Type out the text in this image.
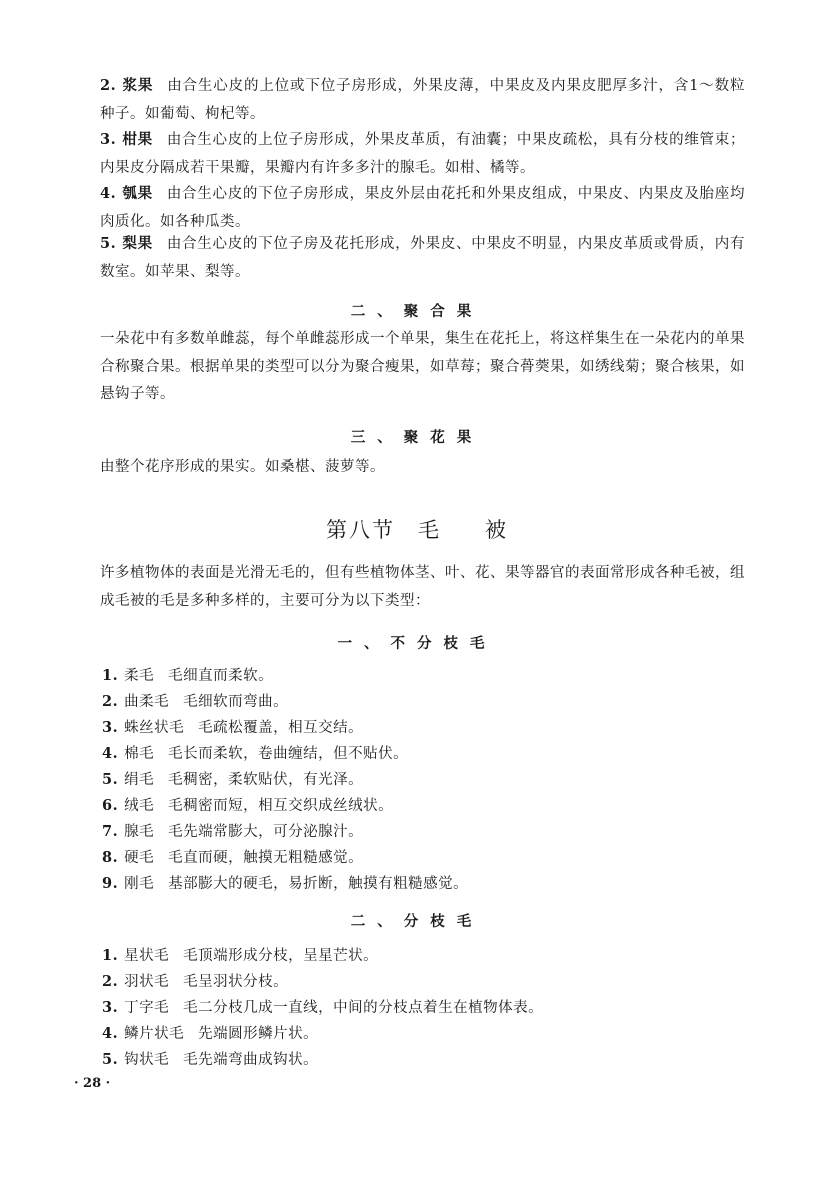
2. 浆果 由合生心皮的上位或下位子房形成，外果皮薄，中果皮及内果皮肥厚多汁，含1～数粒种子。如葡萄、枸杞等。
3. 柑果 由合生心皮的上位子房形成，外果皮革质，有油囊；中果皮疏松，具有分枝的维管束；内果皮分隔成若干果瓣，果瓣内有许多多汁的腺毛。如柑、橘等。
4. 瓠果 由合生心皮的下位子房形成，果皮外层由花托和外果皮组成，中果皮、内果皮及胎座均肉质化。如各种瓜类。
5. 梨果 由合生心皮的下位子房及花托形成，外果皮、中果皮不明显，内果皮革质或骨质，内有数室。如苹果、梨等。
二、聚合果
一朵花中有多数单雌蕊，每个单雌蕊形成一个单果，集生在花托上，将这样集生在一朵花内的单果合称聚合果。根据单果的类型可以分为聚合瘦果，如草莓；聚合蓇葖果，如绣线菊；聚合核果，如悬钩子等。
三、聚花果
由整个花序形成的果实。如桑椹、菠萝等。
第八节　毛 被
许多植物体的表面是光滑无毛的，但有些植物体茎、叶、花、果等器官的表面常形成各种毛被，组成毛被的毛是多种多样的，主要可分为以下类型：
一、不分枝毛
1. 柔毛 毛细直而柔软。
2. 曲柔毛 毛细软而弯曲。
3. 蛛丝状毛 毛疏松覆盖，相互交结。
4. 棉毛 毛长而柔软，卷曲缠结，但不贴伏。
5. 绢毛 毛稠密，柔软贴伏，有光泽。
6. 绒毛 毛稠密而短，相互交织成丝绒状。
7. 腺毛 毛先端常膨大，可分泌腺汁。
8. 硬毛 毛直而硬，触摸无粗糙感觉。
9. 刚毛 基部膨大的硬毛，易折断，触摸有粗糙感觉。
二、分枝毛
1. 星状毛 毛顶端形成分枝，呈星芒状。
2. 羽状毛 毛呈羽状分枝。
3. 丁字毛 毛二分枝几成一直线，中间的分枝点着生在植物体表。
4. 鳞片状毛 先端圆形鳞片状。
5. 钩状毛 毛先端弯曲成钩状。
· 28 ·
